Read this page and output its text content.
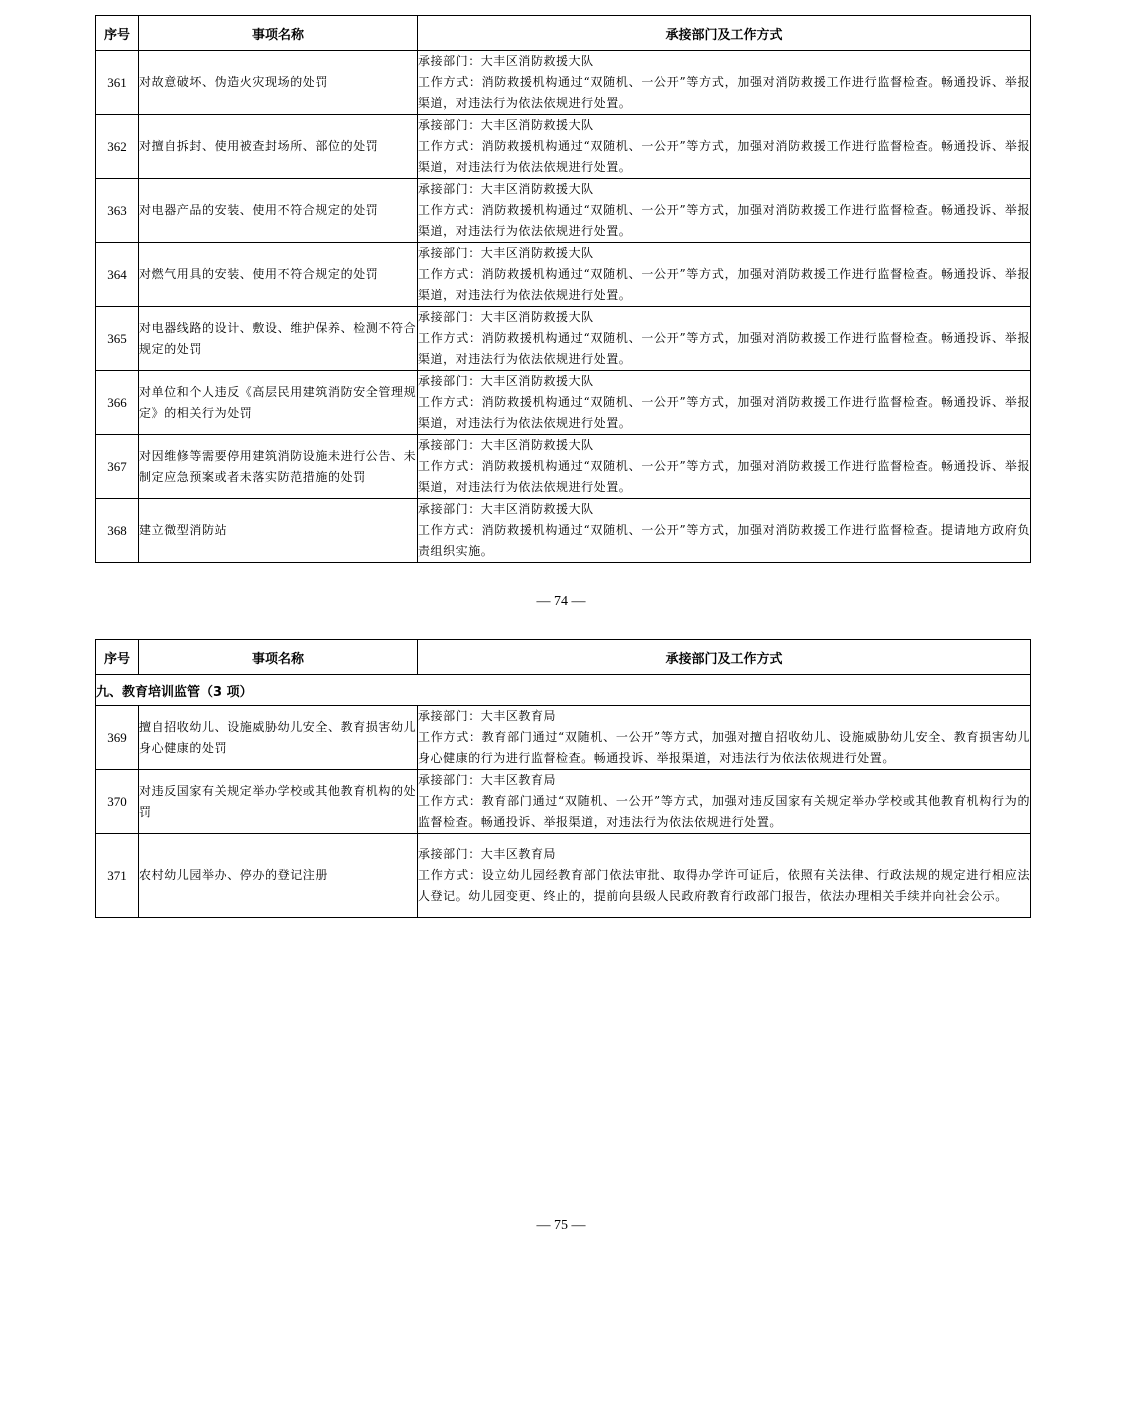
序号	事项名称	承接部门及工作方式
361	对故意破坏、伪造火灾现场的处罚	承接部门：大丰区消防救援大队
工作方式：消防救援机构通过“双随机、一公开”等方式，加强对消防救援工作进行监督检查。畅通投诉、举报渠道，对违法行为依法依规进行处置。

362	对擅自拆封、使用被查封场所、部位的处罚	承接部门：大丰区消防救援大队
工作方式：消防救援机构通过“双随机、一公开”等方式，加强对消防救援工作进行监督检查。畅通投诉、举报渠道，对违法行为依法依规进行处置。

363	对电器产品的安装、使用不符合规定的处罚	承接部门：大丰区消防救援大队
工作方式：消防救援机构通过“双随机、一公开”等方式，加强对消防救援工作进行监督检查。畅通投诉、举报渠道，对违法行为依法依规进行处置。

364	对燃气用具的安装、使用不符合规定的处罚	承接部门：大丰区消防救援大队
工作方式：消防救援机构通过“双随机、一公开”等方式，加强对消防救援工作进行监督检查。畅通投诉、举报渠道，对违法行为依法依规进行处置。

365	对电器线路的设计、敷设、维护保养、检测不符合规定的处罚	承接部门：大丰区消防救援大队
工作方式：消防救援机构通过“双随机、一公开”等方式，加强对消防救援工作进行监督检查。畅通投诉、举报渠道，对违法行为依法依规进行处置。

366	对单位和个人违反《高层民用建筑消防安全管理规定》的相关行为处罚	承接部门：大丰区消防救援大队
工作方式：消防救援机构通过“双随机、一公开”等方式，加强对消防救援工作进行监督检查。畅通投诉、举报渠道，对违法行为依法依规进行处置。

367	对因维修等需要停用建筑消防设施未进行公告、未制定应急预案或者未落实防范措施的处罚	承接部门：大丰区消防救援大队
工作方式：消防救援机构通过“双随机、一公开”等方式，加强对消防救援工作进行监督检查。畅通投诉、举报渠道，对违法行为依法依规进行处置。

368	建立微型消防站	承接部门：大丰区消防救援大队
工作方式：消防救援机构通过“双随机、一公开”等方式，加强对消防救援工作进行监督检查。提请地方政府负责组织实施。
— 74 —
序号	事项名称	承接部门及工作方式
九、教育培训监管（3 项）		
369	擅自招收幼儿、设施威胁幼儿安全、教育损害幼儿身心健康的处罚	承接部门：大丰区教育局
工作方式：教育部门通过“双随机、一公开”等方式，加强对擅自招收幼儿、设施威胁幼儿安全、教育损害幼儿身心健康的行为进行监督检查。畅通投诉、举报渠道，对违法行为依法依规进行处置。

370	对违反国家有关规定举办学校或其他教育机构的处罚	承接部门：大丰区教育局
工作方式：教育部门通过“双随机、一公开”等方式，加强对违反国家有关规定举办学校或其他教育机构行为的监督检查。畅通投诉、举报渠道，对违法行为依法依规进行处置。

371	农村幼儿园举办、停办的登记注册	承接部门：大丰区教育局
工作方式：设立幼儿园经教育部门依法审批、取得办学许可证后，依照有关法律、行政法规的规定进行相应法人登记。幼儿园变更、终止的，提前向县级人民政府教育行政部门报告，依法办理相关手续并向社会公示。
— 75 —
